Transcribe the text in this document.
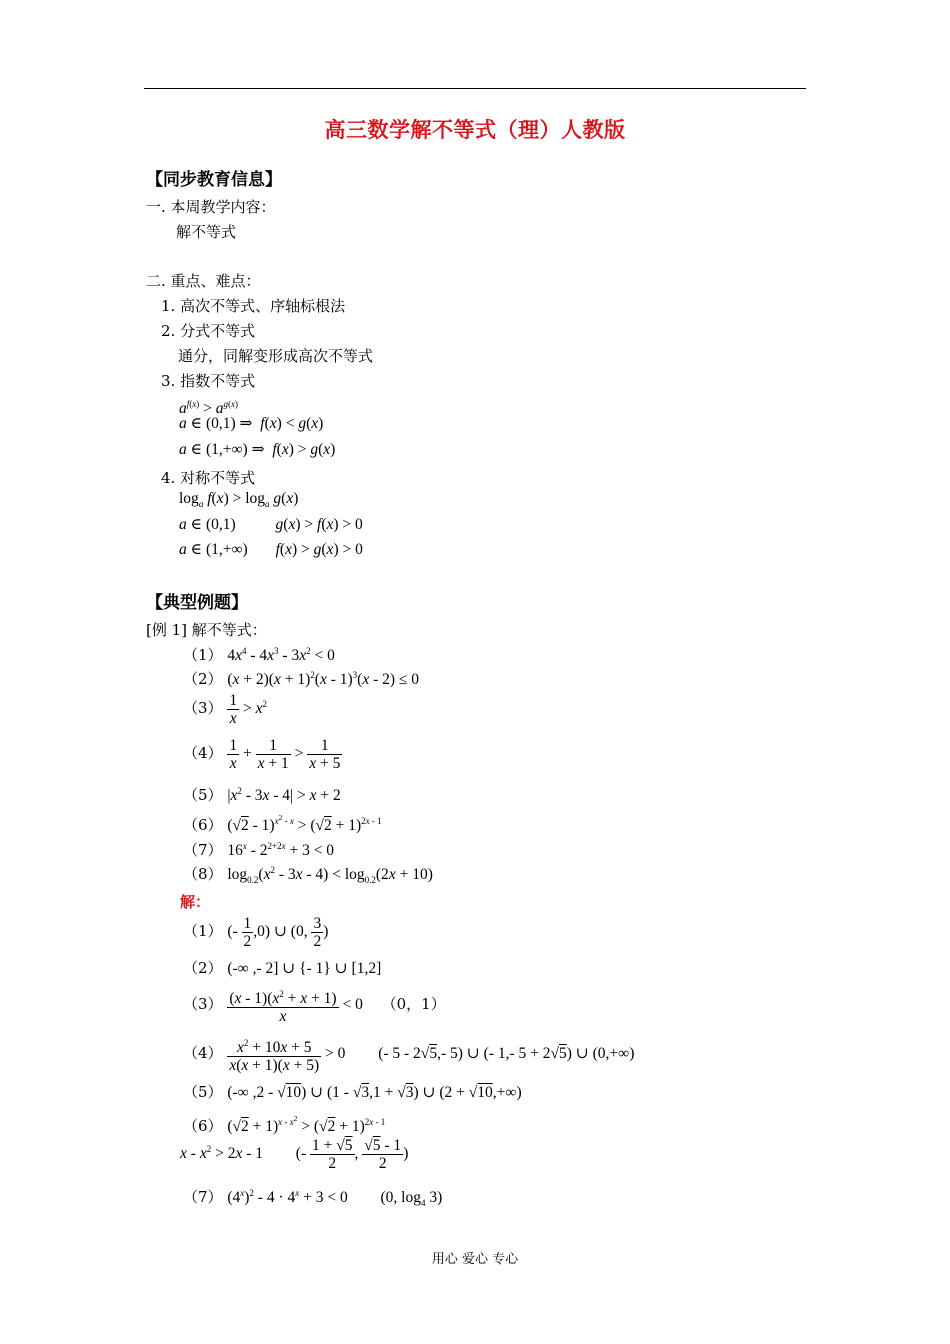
高三数学解不等式（理）人教版
【同步教育信息】
一. 本周教学内容：
解不等式
二. 重点、难点：
1. 高次不等式、序轴标根法
2. 分式不等式
通分，同解变形成高次不等式
3. 指数不等式
$a^{f(x)} > a^{g(x)}$
a ∈ (0,1) ⇒  f(x) < g(x)
a ∈ (1,+∞) ⇒  f(x) > g(x)
4. 对称不等式
$\log_a f(x) > \log_a g(x)$
a ∈ (0,1) g(x) > f(x) > 0
a ∈ (1,+∞) f(x) > g(x) > 0
【典型例题】
[例 1] 解不等式：
（1） $4x^4 - 4x^3 - 3x^2 < 0$
（2） $(x + 2)(x + 1)^2(x - 1)^3(x - 2) \le 0$
$(3) \frac{1}{x} > x^2$
$(4) \frac{1}{x} + \frac{1}{x + 1} > \frac{1}{x + 5}$
（5） $|x^2 - 3x - 4| > x + 2$
（6） $(√2 - 1)^{x^2 - x} > (√2 + 1)^{2x - 1}$
（7） $16^x - 2^{2+2x} + 3 < 0$
（8） $\log_{0.2}(x^2 - 3x - 4) < \log_{0.2}(2x + 10)$
解：
（1） (- $\frac{1}{2} ,0$) ∪ (0, $\frac{3}{2}$ )
（2） (-∞ ,- 2] ∪ {- 1} ∪ [1,2]
$(3) \frac{(x - 1)(x^2 + x + 1)}{x} < 0$ （0，1）
$(4) \frac{x^2 + 10x + 5}{x(x + 1)(x + 5)} > 0$ (- 5 - 2√5,- 5) ∪ (- 1,- 5 + 2√5) ∪ (0,+∞)
（5） (-∞ ,2 - √10) ∪ (1 - √3,1 + √3) ∪ (2 + √10,+∞)
（6） $(√2 + 1)^{x - x^2} > (√2 + 1)^{2x - 1}$
$x - x^2 > 2x - 1$ (- $\frac{1 + √5}{2}$ , $\frac{√5 - 1}{2}$ )
（7） $(4^x)^2 - 4 \cdot 4^x + 3 < 0$ (0, $\log_4 3$)
用心 爱心 专心
